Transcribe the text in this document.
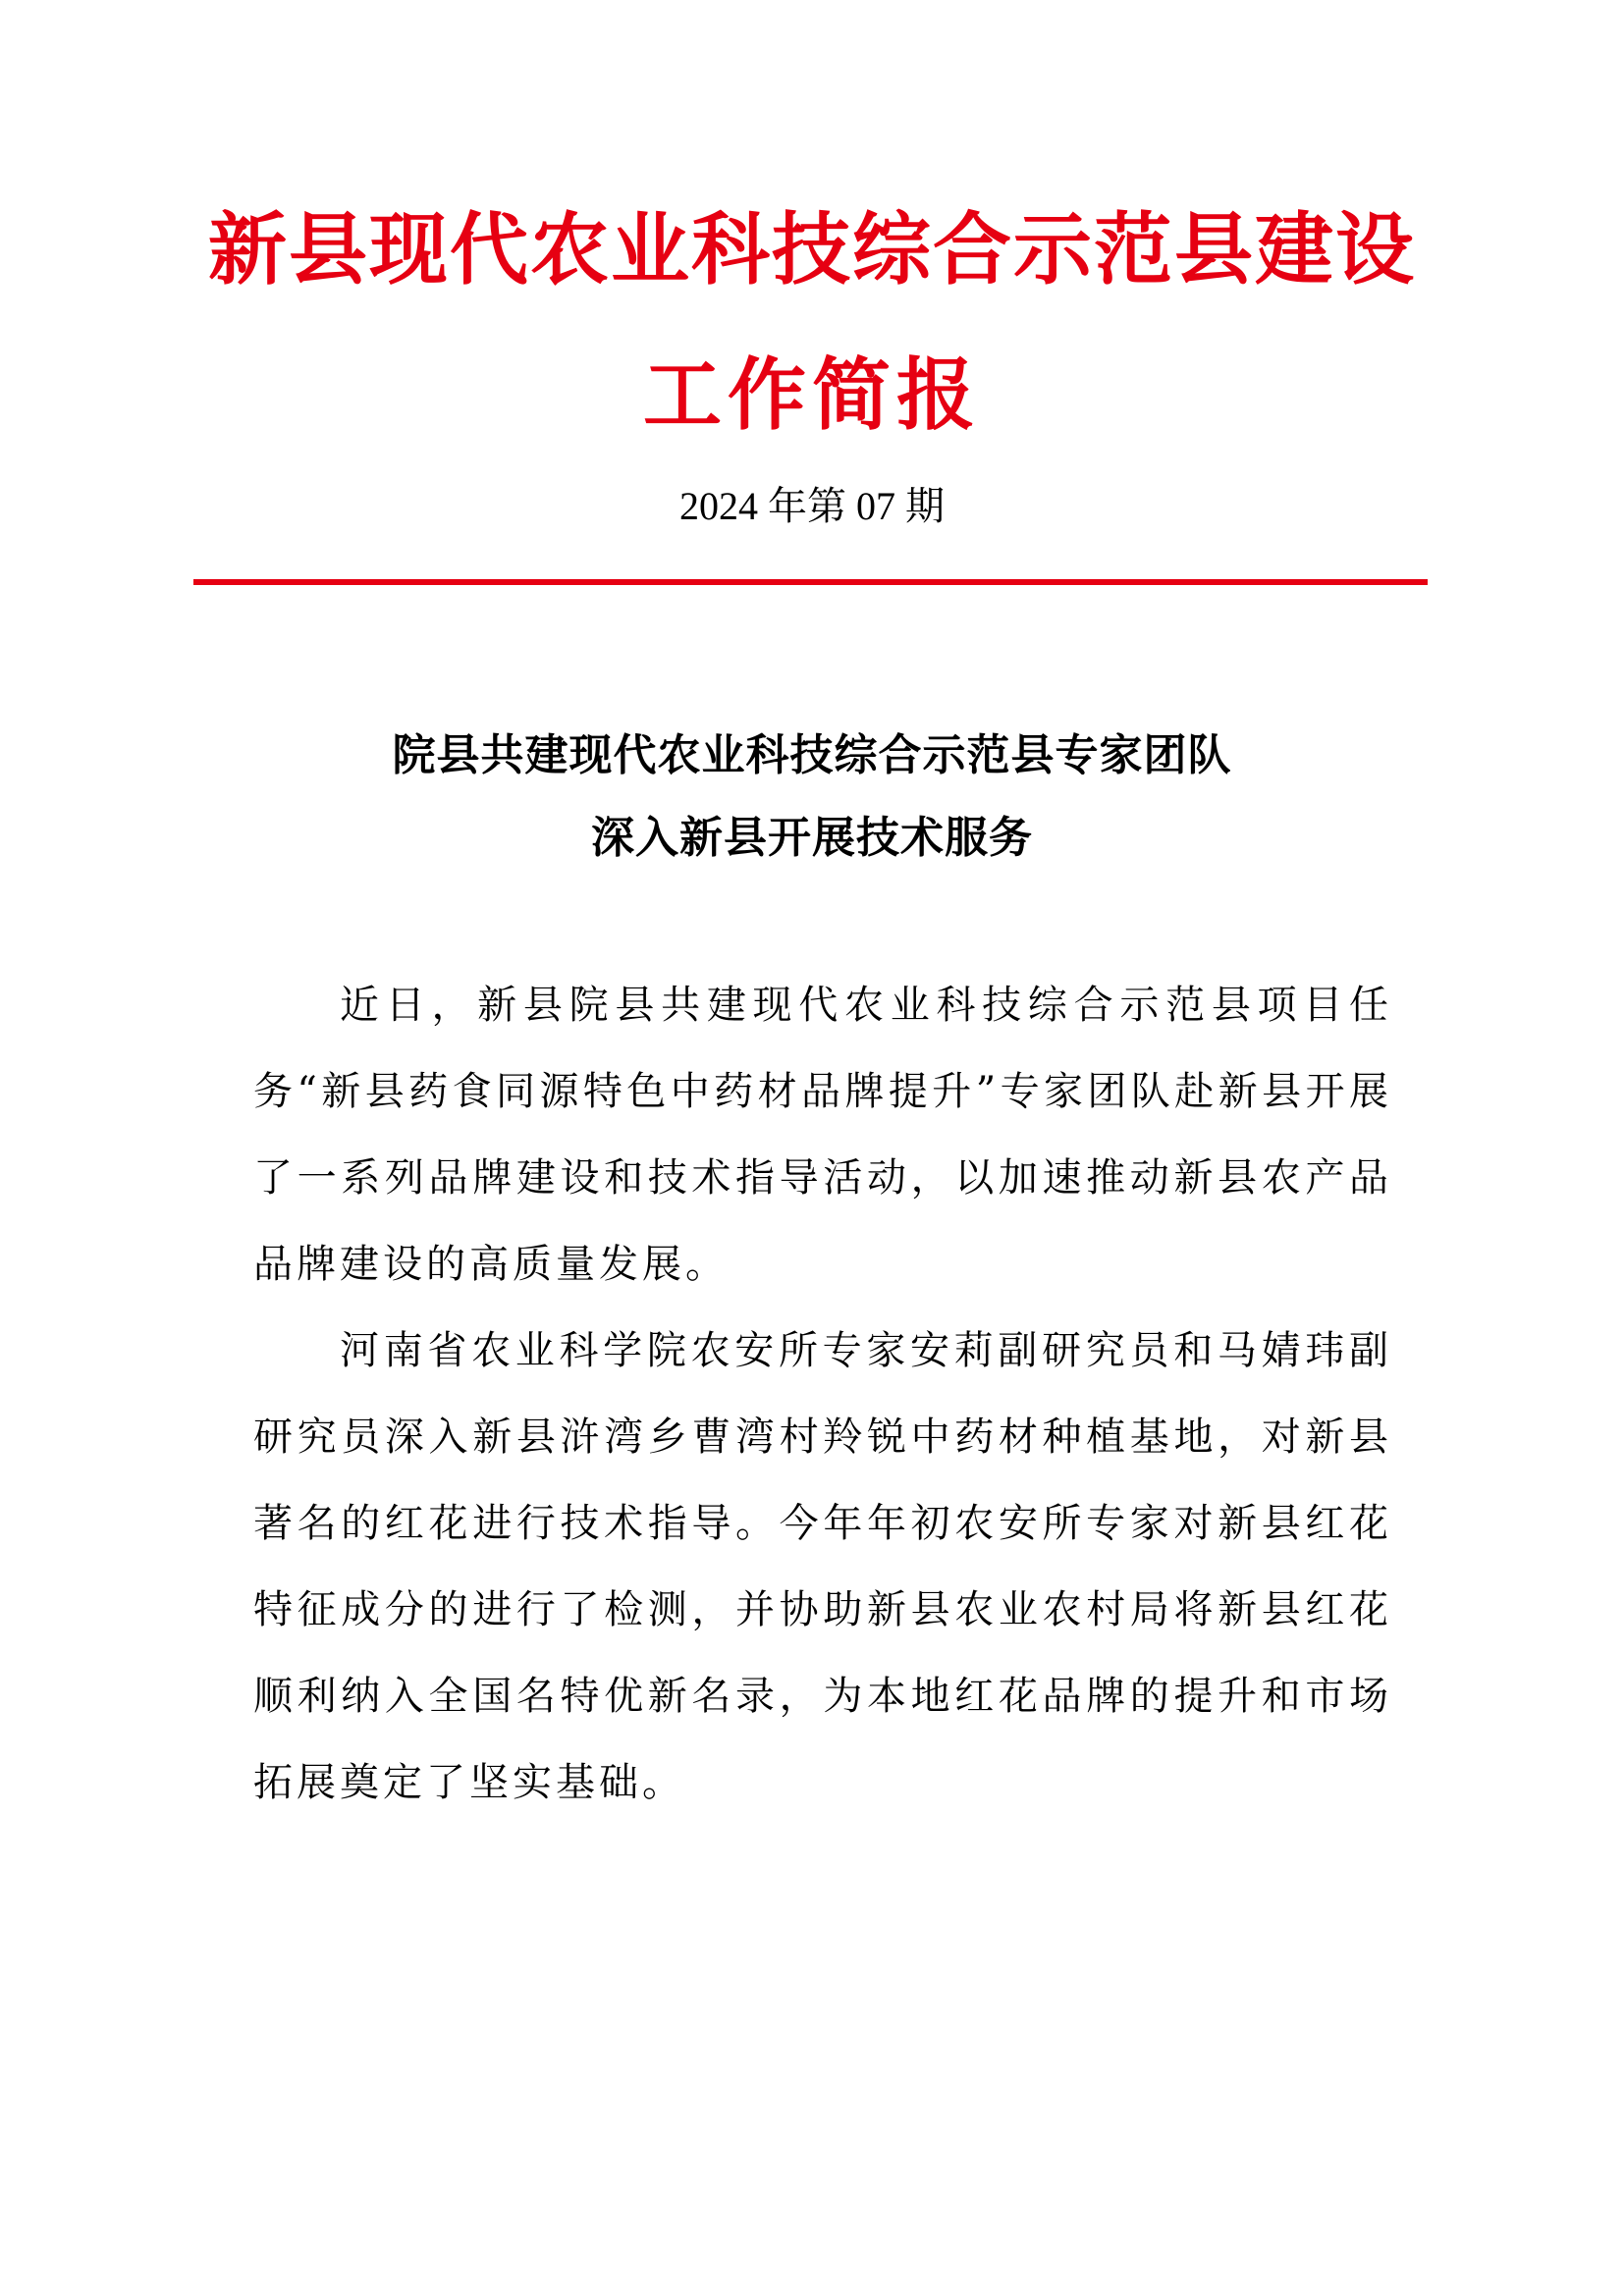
新县现代农业科技综合示范县建设
工作简报
2024 年第 07 期
院县共建现代农业科技综合示范县专家团队
深入新县开展技术服务

近日，新县院县共建现代农业科技综合示范县项目任务“新县药食同源特色中药材品牌提升”专家团队赴新县开展了一系列品牌建设和技术指导活动，以加速推动新县农产品品牌建设的高质量发展。

河南省农业科学院农安所专家安莉副研究员和马婧玮副研究员深入新县浒湾乡曹湾村羚锐中药材种植基地，对新县著名的红花进行技术指导。今年年初农安所专家对新县红花特征成分的进行了检测，并协助新县农业农村局将新县红花顺利纳入全国名特优新名录，为本地红花品牌的提升和市场拓展奠定了坚实基础。
